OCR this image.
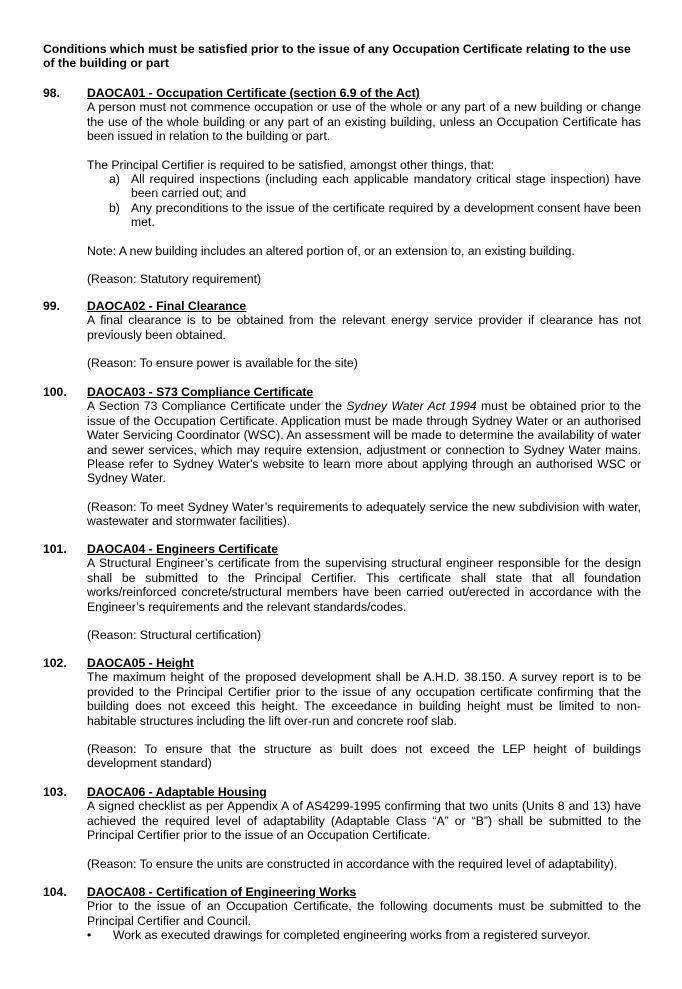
Conditions which must be satisfied prior to the issue of any Occupation Certificate relating to the use of the building or part
98. DAOCA01 - Occupation Certificate (section 6.9 of the Act)
A person must not commence occupation or use of the whole or any part of a new building or change the use of the whole building or any part of an existing building, unless an Occupation Certificate has been issued in relation to the building or part.
The Principal Certifier is required to be satisfied, amongst other things, that:
a) All required inspections (including each applicable mandatory critical stage inspection) have been carried out; and
b) Any preconditions to the issue of the certificate required by a development consent have been met.
Note: A new building includes an altered portion of, or an extension to, an existing building.
(Reason: Statutory requirement)
99. DAOCA02 - Final Clearance
A final clearance is to be obtained from the relevant energy service provider if clearance has not previously been obtained.
(Reason: To ensure power is available for the site)
100. DAOCA03 - S73 Compliance Certificate
A Section 73 Compliance Certificate under the Sydney Water Act 1994 must be obtained prior to the issue of the Occupation Certificate. Application must be made through Sydney Water or an authorised Water Servicing Coordinator (WSC). An assessment will be made to determine the availability of water and sewer services, which may require extension, adjustment or connection to Sydney Water mains. Please refer to Sydney Water's website to learn more about applying through an authorised WSC or Sydney Water.
(Reason: To meet Sydney Water’s requirements to adequately service the new subdivision with water, wastewater and stormwater facilities).
101. DAOCA04 - Engineers Certificate
A Structural Engineer’s certificate from the supervising structural engineer responsible for the design shall be submitted to the Principal Certifier. This certificate shall state that all foundation works/reinforced concrete/structural members have been carried out/erected in accordance with the Engineer’s requirements and the relevant standards/codes.
(Reason: Structural certification)
102. DAOCA05 - Height
The maximum height of the proposed development shall be A.H.D. 38.150. A survey report is to be provided to the Principal Certifier prior to the issue of any occupation certificate confirming that the building does not exceed this height. The exceedance in building height must be limited to non-habitable structures including the lift over-run and concrete roof slab.
(Reason: To ensure that the structure as built does not exceed the LEP height of buildings development standard)
103. DAOCA06 - Adaptable Housing
A signed checklist as per Appendix A of AS4299-1995 confirming that two units (Units 8 and 13) have achieved the required level of adaptability (Adaptable Class “A” or “B”) shall be submitted to the Principal Certifier prior to the issue of an Occupation Certificate.
(Reason: To ensure the units are constructed in accordance with the required level of adaptability).
104. DAOCA08 - Certification of Engineering Works
Prior to the issue of an Occupation Certificate, the following documents must be submitted to the Principal Certifier and Council.
• Work as executed drawings for completed engineering works from a registered surveyor.
